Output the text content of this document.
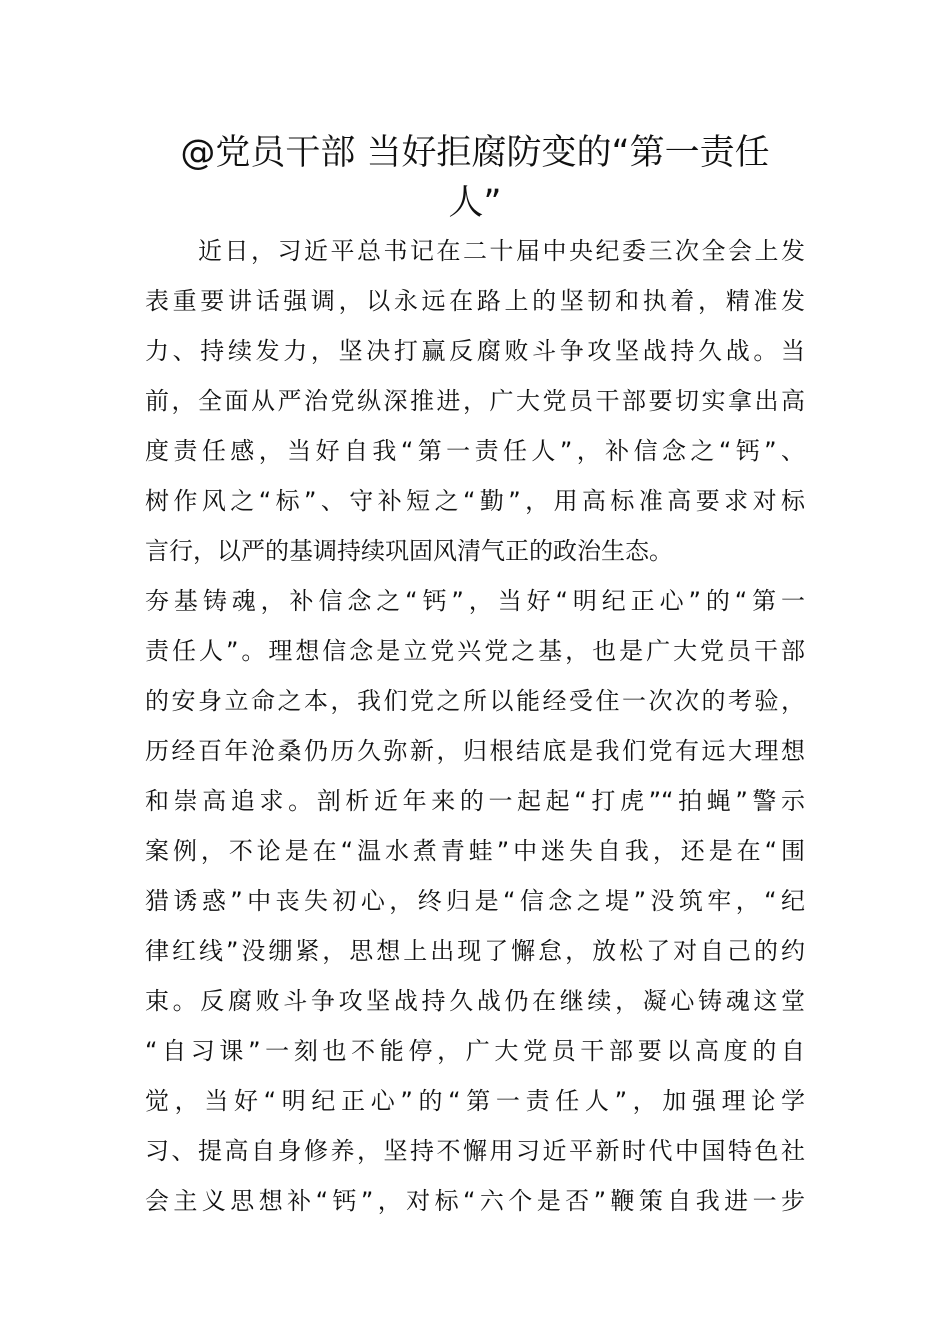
@党员干部 当好拒腐防变的“第一责任
人”
　　近日，习近平总书记在二十届中央纪委三次全会上发
表重要讲话强调，以永远在路上的坚韧和执着，精准发
力、持续发力，坚决打赢反腐败斗争攻坚战持久战。当
前，全面从严治党纵深推进，广大党员干部要切实拿出高
度责任感，当好自我“第一责任人”，补信念之“钙”、
树作风之“标”、守补短之“勤”，用高标准高要求对标
言行，以严的基调持续巩固风清气正的政治生态。
夯基铸魂，补信念之“钙”，当好“明纪正心”的“第一
责任人”。理想信念是立党兴党之基，也是广大党员干部
的安身立命之本，我们党之所以能经受住一次次的考验，
历经百年沧桑仍历久弥新，归根结底是我们党有远大理想
和崇高追求。剖析近年来的一起起“打虎”“拍蝇”警示
案例，不论是在“温水煮青蛙”中迷失自我，还是在“围
猎诱惑”中丧失初心，终归是“信念之堤”没筑牢，“纪
律红线”没绷紧，思想上出现了懈怠，放松了对自己的约
束。反腐败斗争攻坚战持久战仍在继续，凝心铸魂这堂
“自习课”一刻也不能停，广大党员干部要以高度的自
觉，当好“明纪正心”的“第一责任人”，加强理论学
习、提高自身修养，坚持不懈用习近平新时代中国特色社
会主义思想补“钙”，对标“六个是否”鞭策自我进一步
